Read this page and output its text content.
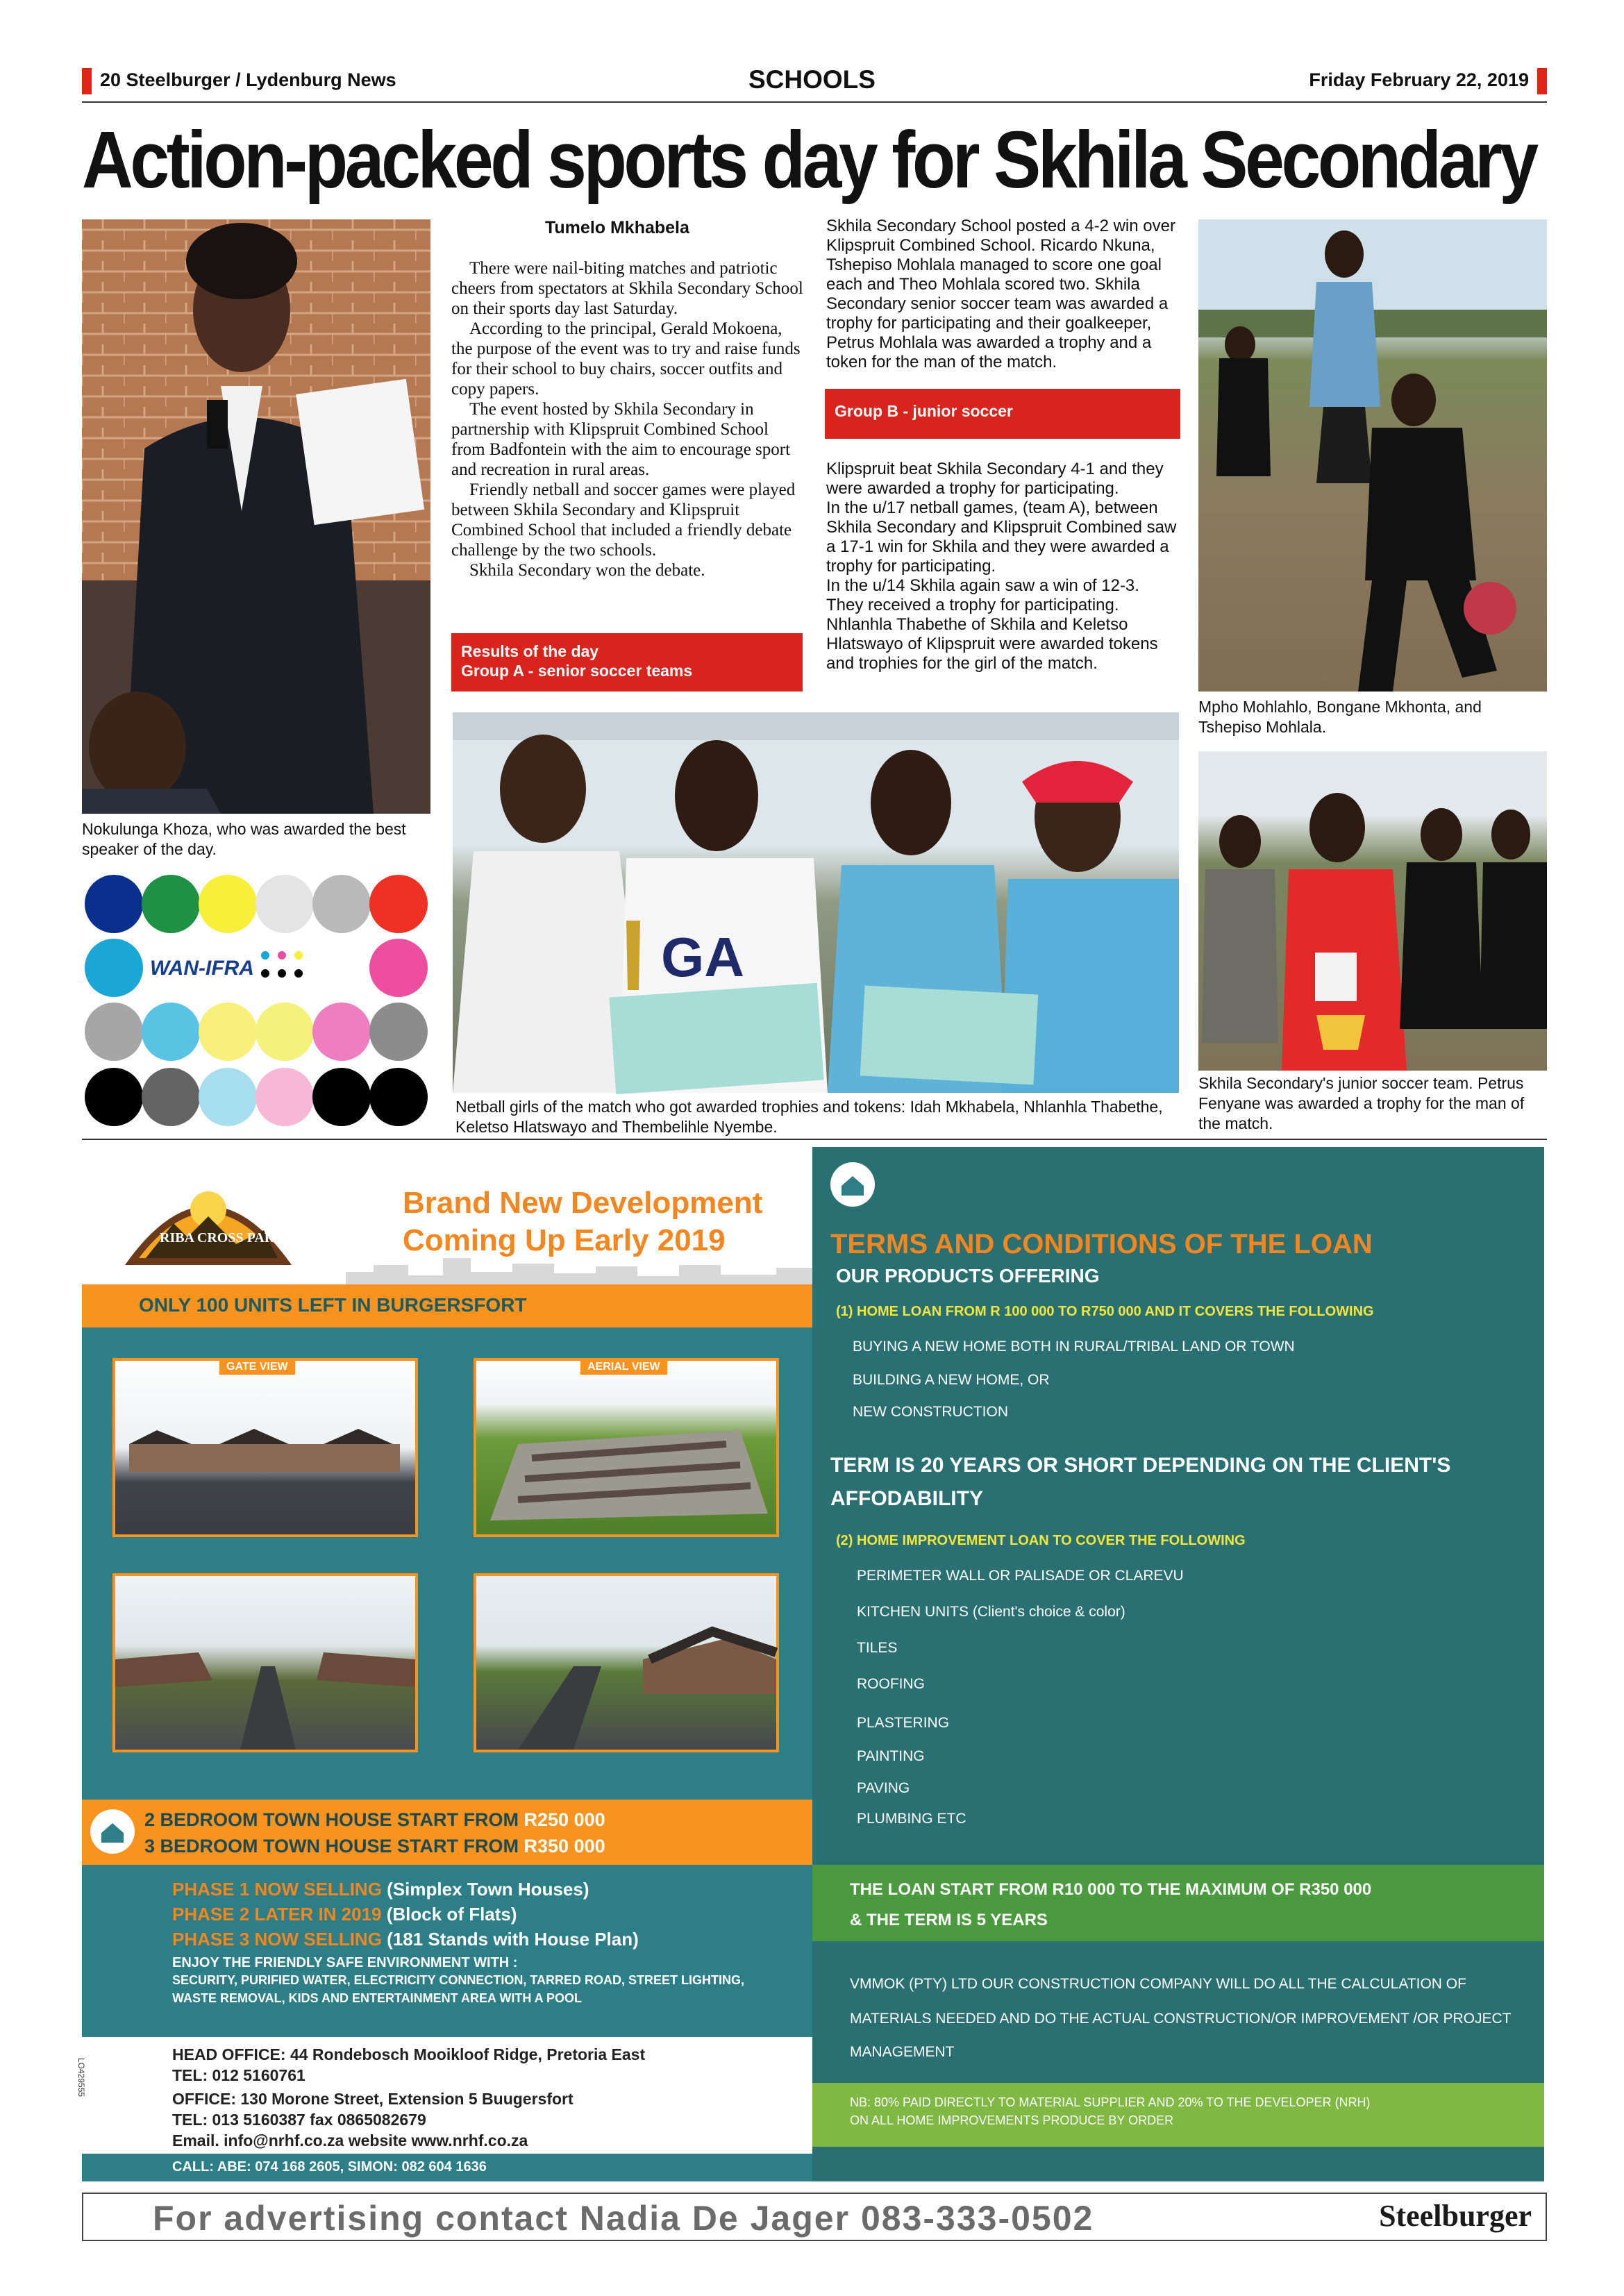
20 Steelburger / Lydenburg News	SCHOOLS	Friday February 22, 2019
Action-packed sports day for Skhila Secondary
Nokulunga Khoza, who was awarded the best speaker of the day.
WAN-IFRA
Tumelo Mkhabela

There were nail-biting matches and patriotic cheers from spectators at Skhila Secondary School on their sports day last Saturday.

According to the principal, Gerald Mokoena, the purpose of the event was to try and raise funds for their school to buy chairs, soccer outfits and copy papers.

The event hosted by Skhila Secondary in partnership with Klipspruit Combined School from Badfontein with the aim to encourage sport and recreation in rural areas.

Friendly netball and soccer games were played between Skhila Secondary and Klipspruit Combined School that included a friendly debate challenge by the two schools.

Skhila Secondary won the debate.

Results of the day
Group A - senior soccer teams
Skhila Secondary School posted a 4-2 win over Klipspruit Combined School. Ricardo Nkuna, Tshepiso Mohlala managed to score one goal each and Theo Mohlala scored two. Skhila Secondary senior soccer team was awarded a trophy for participating and their goalkeeper, Petrus Mohlala was awarded a trophy and a token for the man of the match.
Group B - junior soccer
Klipspruit beat Skhila Secondary 4-1 and they were awarded a trophy for participating.
In the u/17 netball games, (team A), between Skhila Secondary and Klipspruit Combined saw a 17-1 win for Skhila and they were awarded a trophy for participating.
In the u/14 Skhila again saw a win of 12-3. They received a trophy for participating. Nhlanhla Thabethe of Skhila and Keletso Hlatswayo of Klipspruit were awarded tokens and trophies for the girl of the match.
Mpho Mohlahlo, Bongane Mkhonta, and Tshepiso Mohlala.
GA
Netball girls of the match who got awarded trophies and tokens: Idah Mkhabela, Nhlanhla Thabethe, Keletso Hlatswayo and Thembelihle Nyembe.
Skhila Secondary's junior soccer team. Petrus Fenyane was awarded a trophy for the man of the match.
RIBA CROSS PARK
Brand New Development
Coming Up Early 2019
ONLY 100 UNITS LEFT IN BURGERSFORT
GATE VIEW	AERIAL VIEW
2 BEDROOM TOWN HOUSE START FROM R250 000
3 BEDROOM TOWN HOUSE START FROM R350 000
PHASE 1 NOW SELLING (Simplex Town Houses)
PHASE 2 LATER IN 2019 (Block of Flats)
PHASE 3 NOW SELLING (181 Stands with House Plan)
ENJOY THE FRIENDLY SAFE ENVIRONMENT WITH :
SECURITY, PURIFIED WATER, ELECTRICITY CONNECTION, TARRED ROAD, STREET LIGHTING,
WASTE REMOVAL, KIDS AND ENTERTAINMENT AREA WITH A POOL
HEAD OFFICE: 44 Rondebosch Mooikloof Ridge, Pretoria East
TEL: 012 5160761
OFFICE: 130 Morone Street, Extension 5 Buugersfort
TEL: 013 5160387 fax 0865082679
Email. info@nrhf.co.za website www.nrhf.co.za
LO429555
CALL: ABE: 074 168 2605, SIMON: 082 604 1636
TERMS AND CONDITIONS OF THE LOAN
OUR PRODUCTS OFFERING
(1) HOME LOAN FROM R 100 000 TO R750 000 AND IT COVERS THE FOLLOWING
BUYING A NEW HOME BOTH IN RURAL/TRIBAL LAND OR TOWN
BUILDING A NEW HOME, OR
NEW CONSTRUCTION
TERM IS 20 YEARS OR SHORT DEPENDING ON THE CLIENT'S
AFFODABILITY
(2) HOME IMPROVEMENT LOAN TO COVER THE FOLLOWING
PERIMETER WALL OR PALISADE OR CLAREVU
KITCHEN UNITS (Client's choice & color)
TILES
ROOFING
PLASTERING
PAINTING
PAVING
PLUMBING ETC
THE LOAN START FROM R10 000 TO THE MAXIMUM OF R350 000
& THE TERM IS 5 YEARS
VMMOK (PTY) LTD OUR CONSTRUCTION COMPANY WILL DO ALL THE CALCULATION OF
MATERIALS NEEDED AND DO THE ACTUAL CONSTRUCTION/OR IMPROVEMENT /OR PROJECT
MANAGEMENT
NB: 80% PAID DIRECTLY TO MATERIAL SUPPLIER AND 20% TO THE DEVELOPER (NRH)
ON ALL HOME IMPROVEMENTS PRODUCE BY ORDER
For advertising contact Nadia De Jager 083-333-0502	Steelburger
